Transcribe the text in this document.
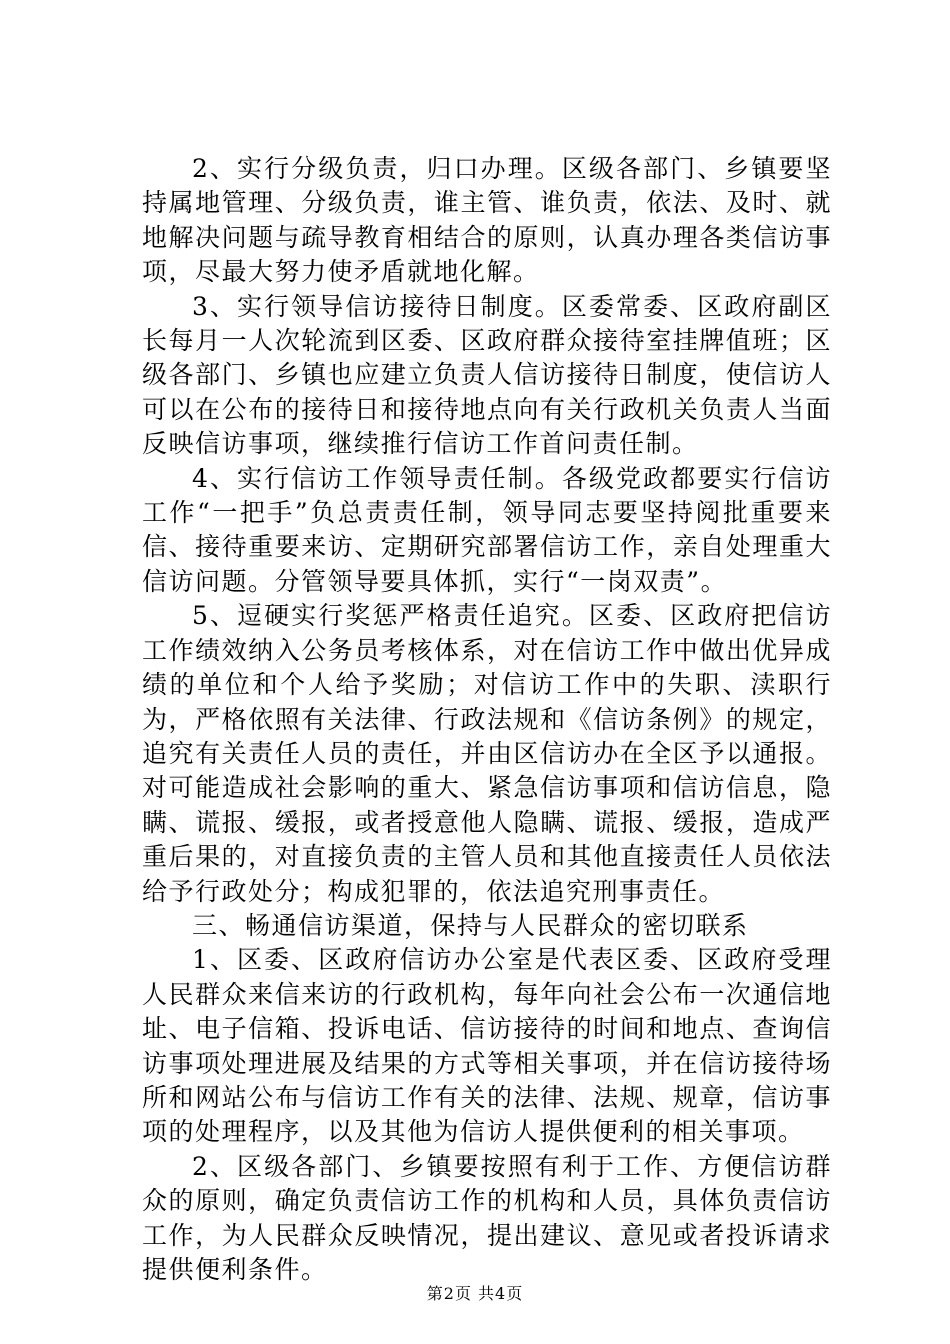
2、实行分级负责，归口办理。区级各部门、乡镇要坚持属地管理、分级负责，谁主管、谁负责，依法、及时、就地解决问题与疏导教育相结合的原则，认真办理各类信访事项，尽最大努力使矛盾就地化解。

3、实行领导信访接待日制度。区委常委、区政府副区长每月一人次轮流到区委、区政府群众接待室挂牌值班；区级各部门、乡镇也应建立负责人信访接待日制度，使信访人可以在公布的接待日和接待地点向有关行政机关负责人当面反映信访事项，继续推行信访工作首问责任制。

4、实行信访工作领导责任制。各级党政都要实行信访工作“一把手”负总责责任制，领导同志要坚持阅批重要来信、接待重要来访、定期研究部署信访工作，亲自处理重大信访问题。分管领导要具体抓，实行“一岗双责”。

5、逗硬实行奖惩严格责任追究。区委、区政府把信访工作绩效纳入公务员考核体系，对在信访工作中做出优异成绩的单位和个人给予奖励；对信访工作中的失职、渎职行为，严格依照有关法律、行政法规和《信访条例》的规定，追究有关责任人员的责任，并由区信访办在全区予以通报。对可能造成社会影响的重大、紧急信访事项和信访信息，隐瞒、谎报、缓报，或者授意他人隐瞒、谎报、缓报，造成严重后果的，对直接负责的主管人员和其他直接责任人员依法给予行政处分；构成犯罪的，依法追究刑事责任。

三、畅通信访渠道，保持与人民群众的密切联系

1、区委、区政府信访办公室是代表区委、区政府受理人民群众来信来访的行政机构，每年向社会公布一次通信地址、电子信箱、投诉电话、信访接待的时间和地点、查询信访事项处理进展及结果的方式等相关事项，并在信访接待场所和网站公布与信访工作有关的法律、法规、规章，信访事项的处理程序，以及其他为信访人提供便利的相关事项。

2、区级各部门、乡镇要按照有利于工作、方便信访群众的原则，确定负责信访工作的机构和人员，具体负责信访工作，为人民群众反映情况，提出建议、意见或者投诉请求提供便利条件。

第2页 共4页
